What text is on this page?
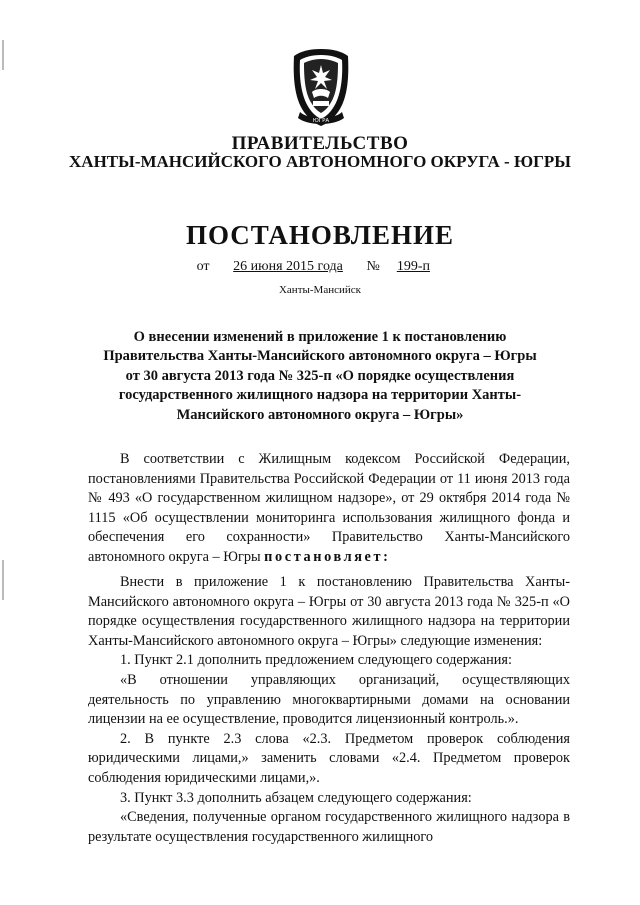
ЮГРА
ПРАВИТЕЛЬСТВО
ХАНТЫ-МАНСИЙСКОГО АВТОНОМНОГО ОКРУГА - ЮГРЫ
ПОСТАНОВЛЕНИЕ
от 26 июня 2015 года № 199-п
Ханты-Мансийск
О внесении изменений в приложение 1 к постановлению
Правительства Ханты-Мансийского автономного округа – Югры
от 30 августа 2013 года № 325-п «О порядке осуществления
государственного жилищного надзора на территории Ханты-
Мансийского автономного округа – Югры»

В соответствии с Жилищным кодексом Российской Федерации, постановлениями Правительства Российской Федерации от 11 июня 2013 года № 493 «О государственном жилищном надзоре», от 29 октября 2014 года № 1115 «Об осуществлении мониторинга использования жилищного фонда и обеспечения его сохранности» Правительство Ханты-Мансийского автономного округа – Югры постановляет:

Внести в приложение 1 к постановлению Правительства Ханты-Мансийского автономного округа – Югры от 30 августа 2013 года № 325-п «О порядке осуществления государственного жилищного надзора на территории Ханты-Мансийского автономного округа – Югры» следующие изменения:

1. Пункт 2.1 дополнить предложением следующего содержания:

«В отношении управляющих организаций, осуществляющих деятельность по управлению многоквартирными домами на основании лицензии на ее осуществление, проводится лицензионный контроль.».

2. В пункте 2.3 слова «2.3. Предметом проверок соблюдения юридическими лицами,» заменить словами «2.4. Предметом проверок соблюдения юридическими лицами,».

3. Пункт 3.3 дополнить абзацем следующего содержания:

«Сведения, полученные органом государственного жилищного надзора в результате осуществления государственного жилищного
